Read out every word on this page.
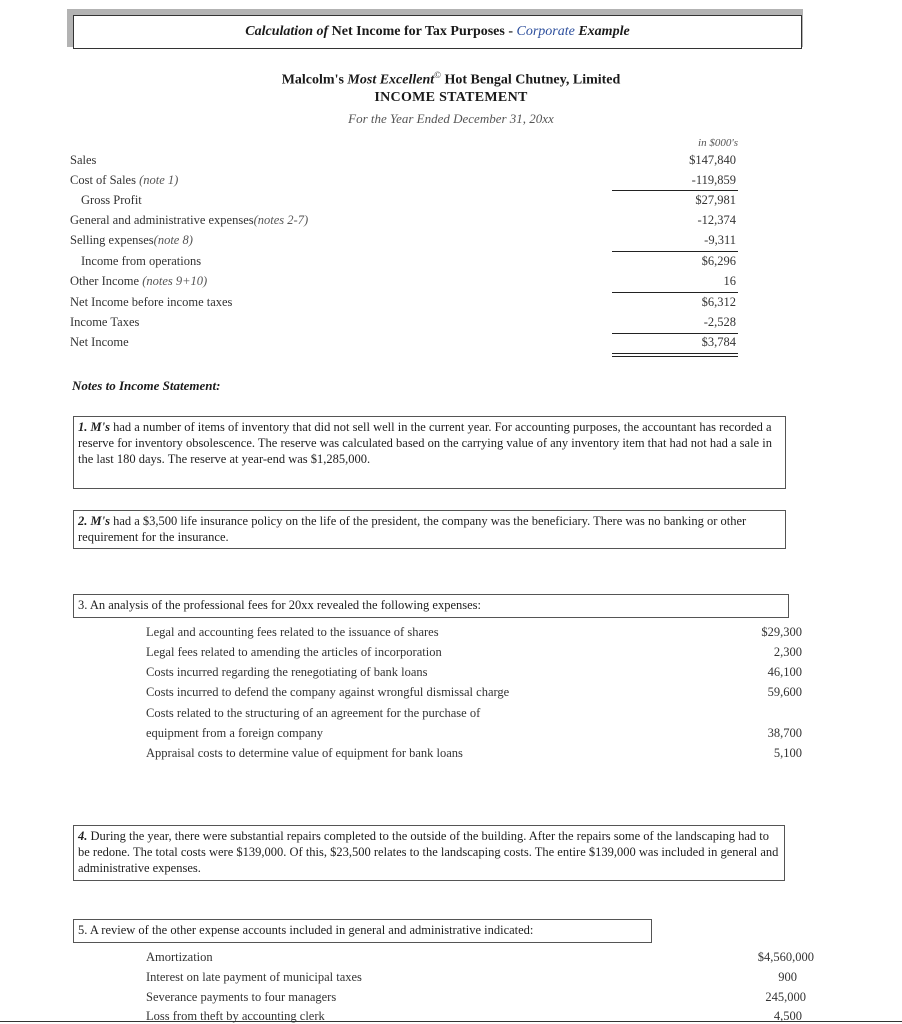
Calculation of Net Income for Tax Purposes - Corporate Example
Malcolm's Most Excellent© Hot Bengal Chutney, Limited
INCOME STATEMENT
For the Year Ended December 31, 20xx
in $000's
Sales	$147,840
Cost of Sales (note 1)	-119,859
Gross Profit	$27,981
General and administrative expenses(notes 2-7)	-12,374
Selling expenses(note 8)	-9,311
Income from operations	$6,296
Other Income (notes 9+10)	16
Net Income before income taxes	$6,312
Income Taxes	-2,528
Net Income	$3,784
Notes to Income Statement:
1. M's had a number of items of inventory that did not sell well in the current year. For accounting purposes, the accountant has recorded a reserve for inventory obsolescence. The reserve was calculated based on the carrying value of any inventory item that had not had a sale in the last 180 days. The reserve at year-end was $1,285,000.
2. M's had a $3,500 life insurance policy on the life of the president, the company was the beneficiary. There was no banking or other requirement for the insurance.
3. An analysis of the professional fees for 20xx revealed the following expenses:
Legal and accounting fees related to the issuance of shares	$29,300
Legal fees related to amending the articles of incorporation	2,300
Costs incurred regarding the renegotiating of bank loans	46,100
Costs incurred to defend the company against wrongful dismissal charge	59,600
Costs related to the structuring of an agreement for the purchase of
equipment from a foreign company	38,700
Appraisal costs to determine value of equipment for bank loans	5,100
4. During the year, there were substantial repairs completed to the outside of the building. After the repairs some of the landscaping had to be redone. The total costs were $139,000. Of this, $23,500 relates to the landscaping costs. The entire $139,000 was included in general and administrative expenses.
5. A review of the other expense accounts included in general and administrative indicated:
Amortization	$4,560,000
Interest on late payment of municipal taxes	900
Severance payments to four managers	245,000
Loss from theft by accounting clerk	4,500
